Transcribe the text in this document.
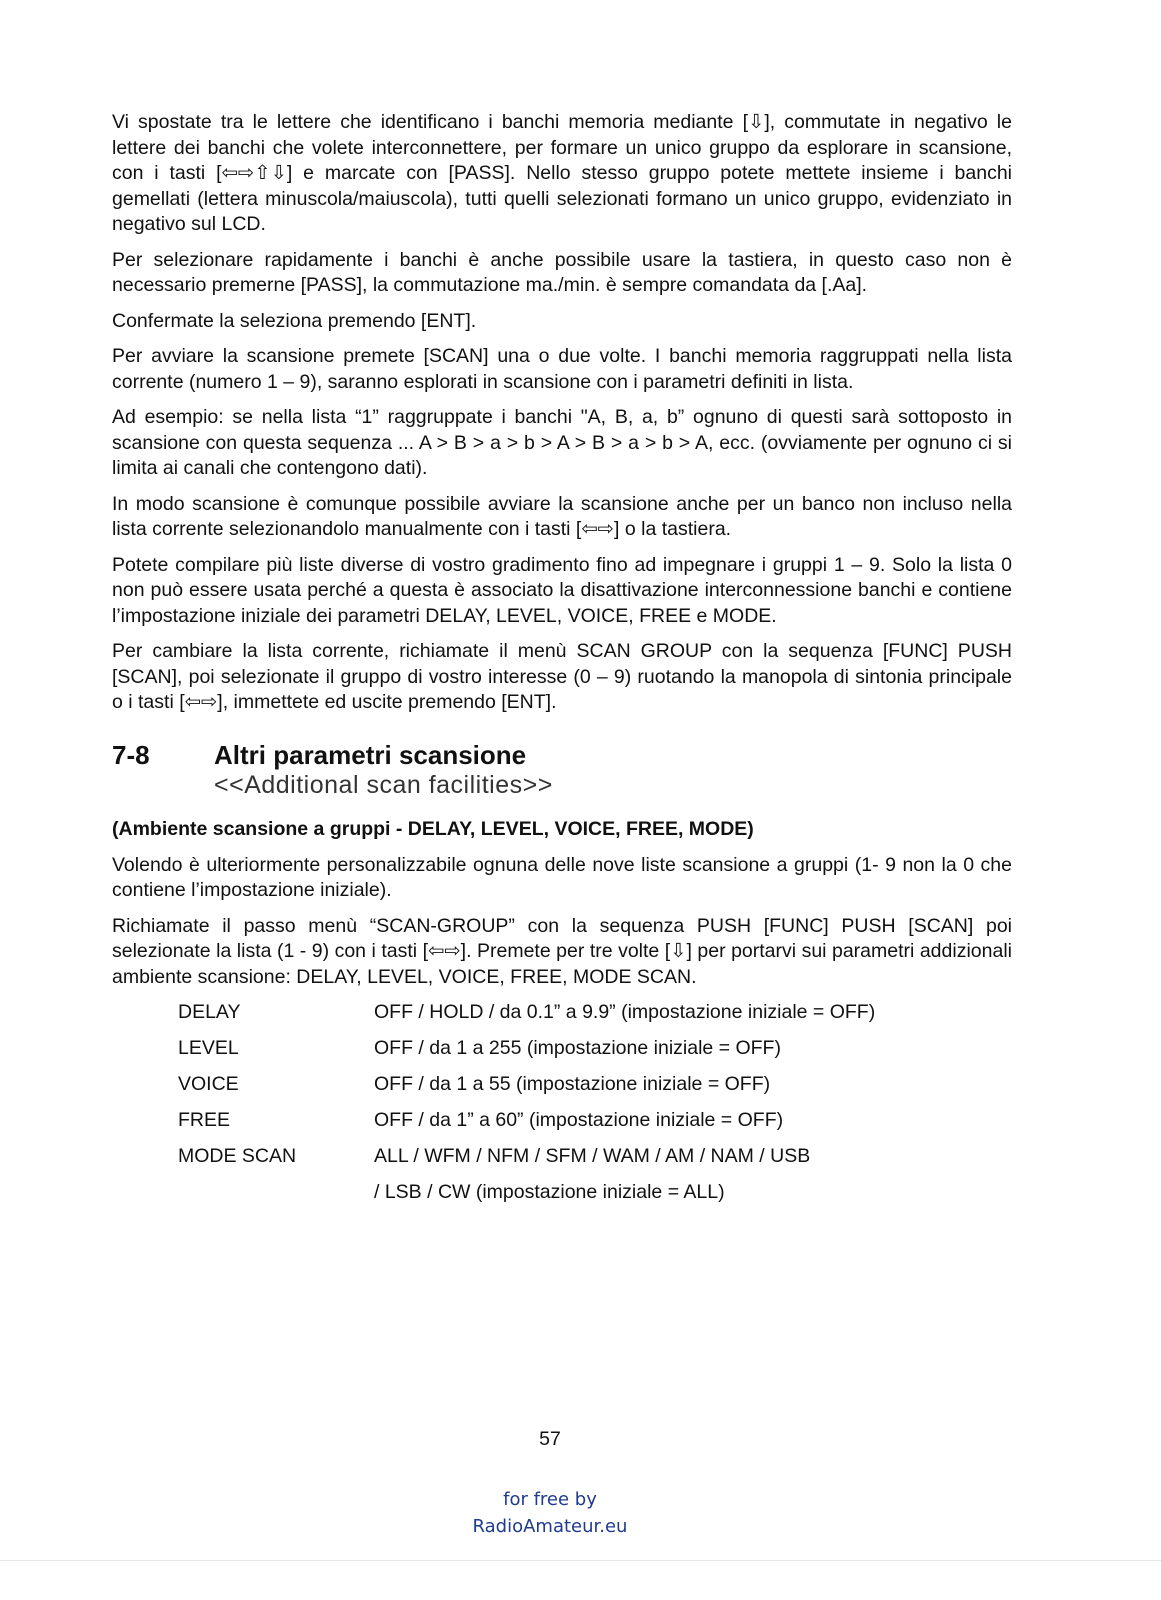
Vi spostate tra le lettere che identificano i banchi memoria mediante [⇩], commutate in negativo le lettere dei banchi che volete interconnettere, per formare un unico gruppo da esplorare in scansione, con i tasti [⇦⇨⇧⇩] e marcate con [PASS]. Nello stesso gruppo potete mettete insieme i banchi gemellati (lettera minuscola/maiuscola), tutti quelli selezionati formano un unico gruppo, evidenziato in negativo sul LCD.

Per selezionare rapidamente i banchi è anche possibile usare la tastiera, in questo caso non è necessario premerne [PASS], la commutazione ma./min. è sempre comandata da [.Aa].

Confermate la seleziona premendo [ENT].

Per avviare la scansione premete [SCAN] una o due volte. I banchi memoria raggruppati nella lista corrente (numero 1 – 9), saranno esplorati in scansione con i parametri definiti in lista.

Ad esempio: se nella lista “1” raggruppate i banchi "A, B, a, b” ognuno di questi sarà sottoposto in scansione con questa sequenza ... A > B > a > b > A > B > a > b > A, ecc. (ovviamente per ognuno ci si limita ai canali che contengono dati).

In modo scansione è comunque possibile avviare la scansione anche per un banco non incluso nella lista corrente selezionandolo manualmente con i tasti [⇦⇨] o la tastiera.

Potete compilare più liste diverse di vostro gradimento fino ad impegnare i gruppi 1 – 9. Solo la lista 0 non può essere usata perché a questa è associato la disattivazione interconnessione banchi e contiene l’impostazione iniziale dei parametri DELAY, LEVEL, VOICE, FREE e MODE.

Per cambiare la lista corrente, richiamate il menù SCAN GROUP con la sequenza [FUNC] PUSH [SCAN], poi selezionate il gruppo di vostro interesse (0 – 9) ruotando la manopola di sintonia principale o i tasti [⇦⇨], immettete ed uscite premendo [ENT].

7-8	Altri parametri scansione
<<Additional scan facilities>>
(Ambiente scansione a gruppi - DELAY, LEVEL, VOICE, FREE, MODE)

Volendo è ulteriormente personalizzabile ognuna delle nove liste scansione a gruppi (1- 9 non la 0 che contiene l’impostazione iniziale).

Richiamate il passo menù “SCAN-GROUP” con la sequenza PUSH [FUNC] PUSH [SCAN] poi selezionate la lista (1 - 9) con i tasti [⇦⇨]. Premete per tre volte [⇩] per portarvi sui parametri addizionali ambiente scansione: DELAY, LEVEL, VOICE, FREE, MODE SCAN.

DELAY	OFF / HOLD / da 0.1” a 9.9” (impostazione iniziale = OFF)
LEVEL	OFF / da 1 a 255 (impostazione iniziale = OFF)
VOICE	OFF / da 1 a 55 (impostazione iniziale = OFF)
FREE	OFF / da 1” a 60” (impostazione iniziale = OFF)
MODE SCAN	ALL / WFM / NFM / SFM / WAM / AM / NAM / USB
	/ LSB / CW (impostazione iniziale = ALL)
57
for free by
RadioAmateur.eu
